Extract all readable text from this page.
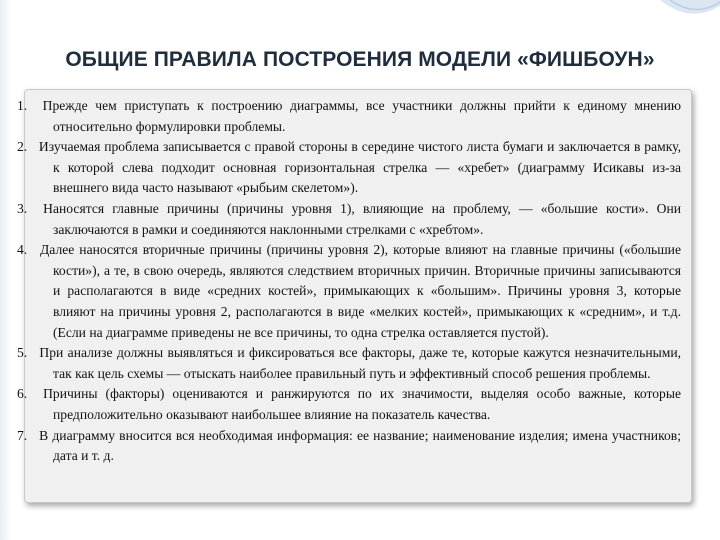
ОБЩИЕ ПРАВИЛА ПОСТРОЕНИЯ МОДЕЛИ «ФИШБОУН»

1. Прежде чем приступать к построению диаграммы, все участники должны прийти к единому мнению относительно формулировки проблемы.

2. Изучаемая проблема записывается с правой стороны в середине чистого листа бумаги и заключается в рамку, к которой слева подходит основная горизонтальная стрелка — «хребет» (диаграмму Исикавы из-за внешнего вида часто называют «рыбьим скелетом»).

3. Наносятся главные причины (причины уровня 1), влияющие на проблему, — «большие кости». Они заключаются в рамки и соединяются наклонными стрелками с «хребтом».

4. Далее наносятся вторичные причины (причины уровня 2), которые влияют на главные причины («большие кости»), а те, в свою очередь, являются следствием вторичных причин. Вторичные причины записываются и располагаются в виде «средних костей», примыкающих к «большим». Причины уровня 3, которые влияют на причины уровня 2, располагаются в виде «мелких костей», примыкающих к «средним», и т.д. (Если на диаграмме приведены не все причины, то одна стрелка оставляется пустой).

5. При анализе должны выявляться и фиксироваться все факторы, даже те, которые кажутся незначительными, так как цель схемы — отыскать наиболее правильный путь и эффективный способ решения проблемы.

6. Причины (факторы) оцениваются и ранжируются по их значимости, выделяя особо важные, которые предположительно оказывают наибольшее влияние на показатель качества.

7. В диаграмму вносится вся необходимая информация: ее название; наименование изделия; имена участников; дата и т. д.
